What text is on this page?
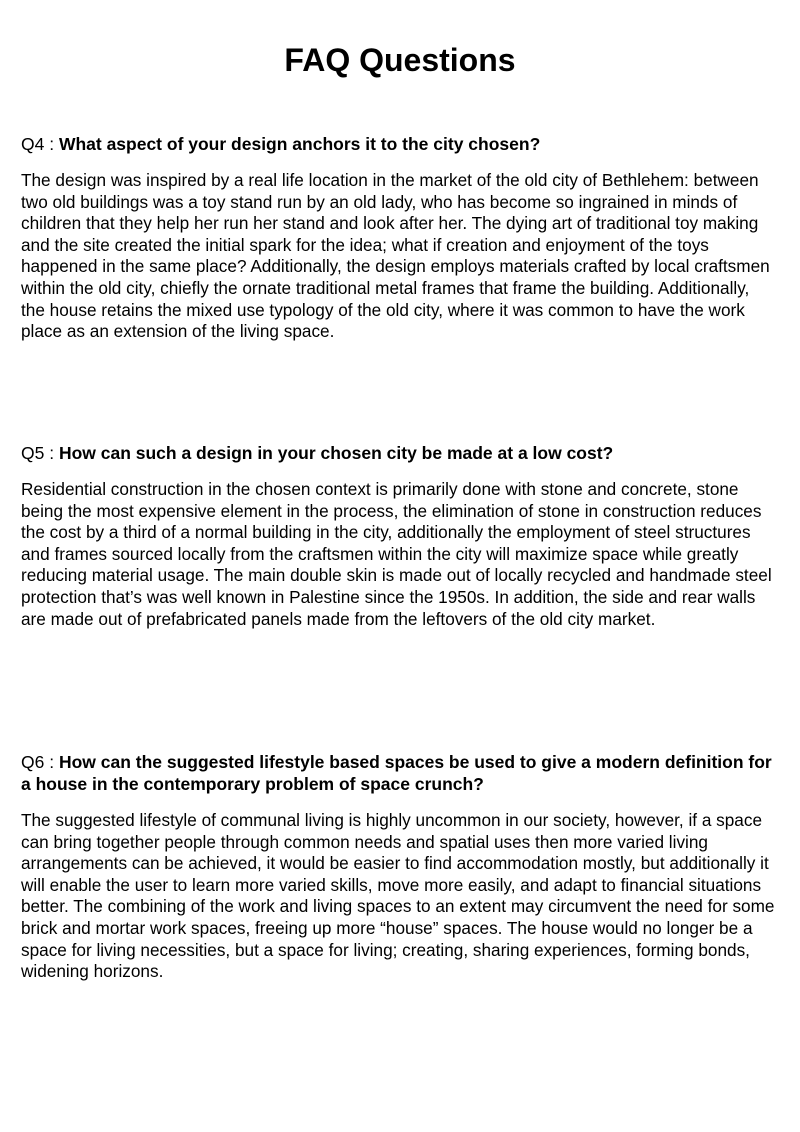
FAQ Questions

Q4 : What aspect of your design anchors it to the city chosen?

The design was inspired by a real life location in the market of the old city of Bethlehem: between two old buildings was a toy stand run by an old lady, who has become so ingrained in minds of children that they help her run her stand and look after her. The dying art of traditional toy making and the site created the initial spark for the idea; what if creation and enjoyment of the toys happened in the same place? Additionally, the design employs materials crafted by local craftsmen within the old city, chiefly the ornate traditional metal frames that frame the building. Additionally, the house retains the mixed use typology of the old city, where it was common to have the work place as an extension of the living space.

Q5 : How can such a design in your chosen city be made at a low cost?

Residential construction in the chosen context is primarily done with stone and concrete, stone being the most expensive element in the process, the elimination of stone in construction reduces the cost by a third of a normal building in the city, additionally the employment of steel structures and frames sourced locally from the craftsmen within the city will maximize space while greatly reducing material usage. The main double skin is made out of locally recycled and handmade steel protection that’s was well known in Palestine since the 1950s. In addition, the side and rear walls are made out of prefabricated panels made from the leftovers of the old city market.

Q6 : How can the suggested lifestyle based spaces be used to give a modern definition for a house in the contemporary problem of space crunch?

The suggested lifestyle of communal living is highly uncommon in our society, however, if a space can bring together people through common needs and spatial uses then more varied living arrangements can be achieved, it would be easier to find accommodation mostly, but additionally it will enable the user to learn more varied skills, move more easily, and adapt to financial situations better. The combining of the work and living spaces to an extent may circumvent the need for some brick and mortar work spaces, freeing up more “house” spaces. The house would no longer be a space for living necessities, but a space for living; creating, sharing experiences, forming bonds, widening horizons.
